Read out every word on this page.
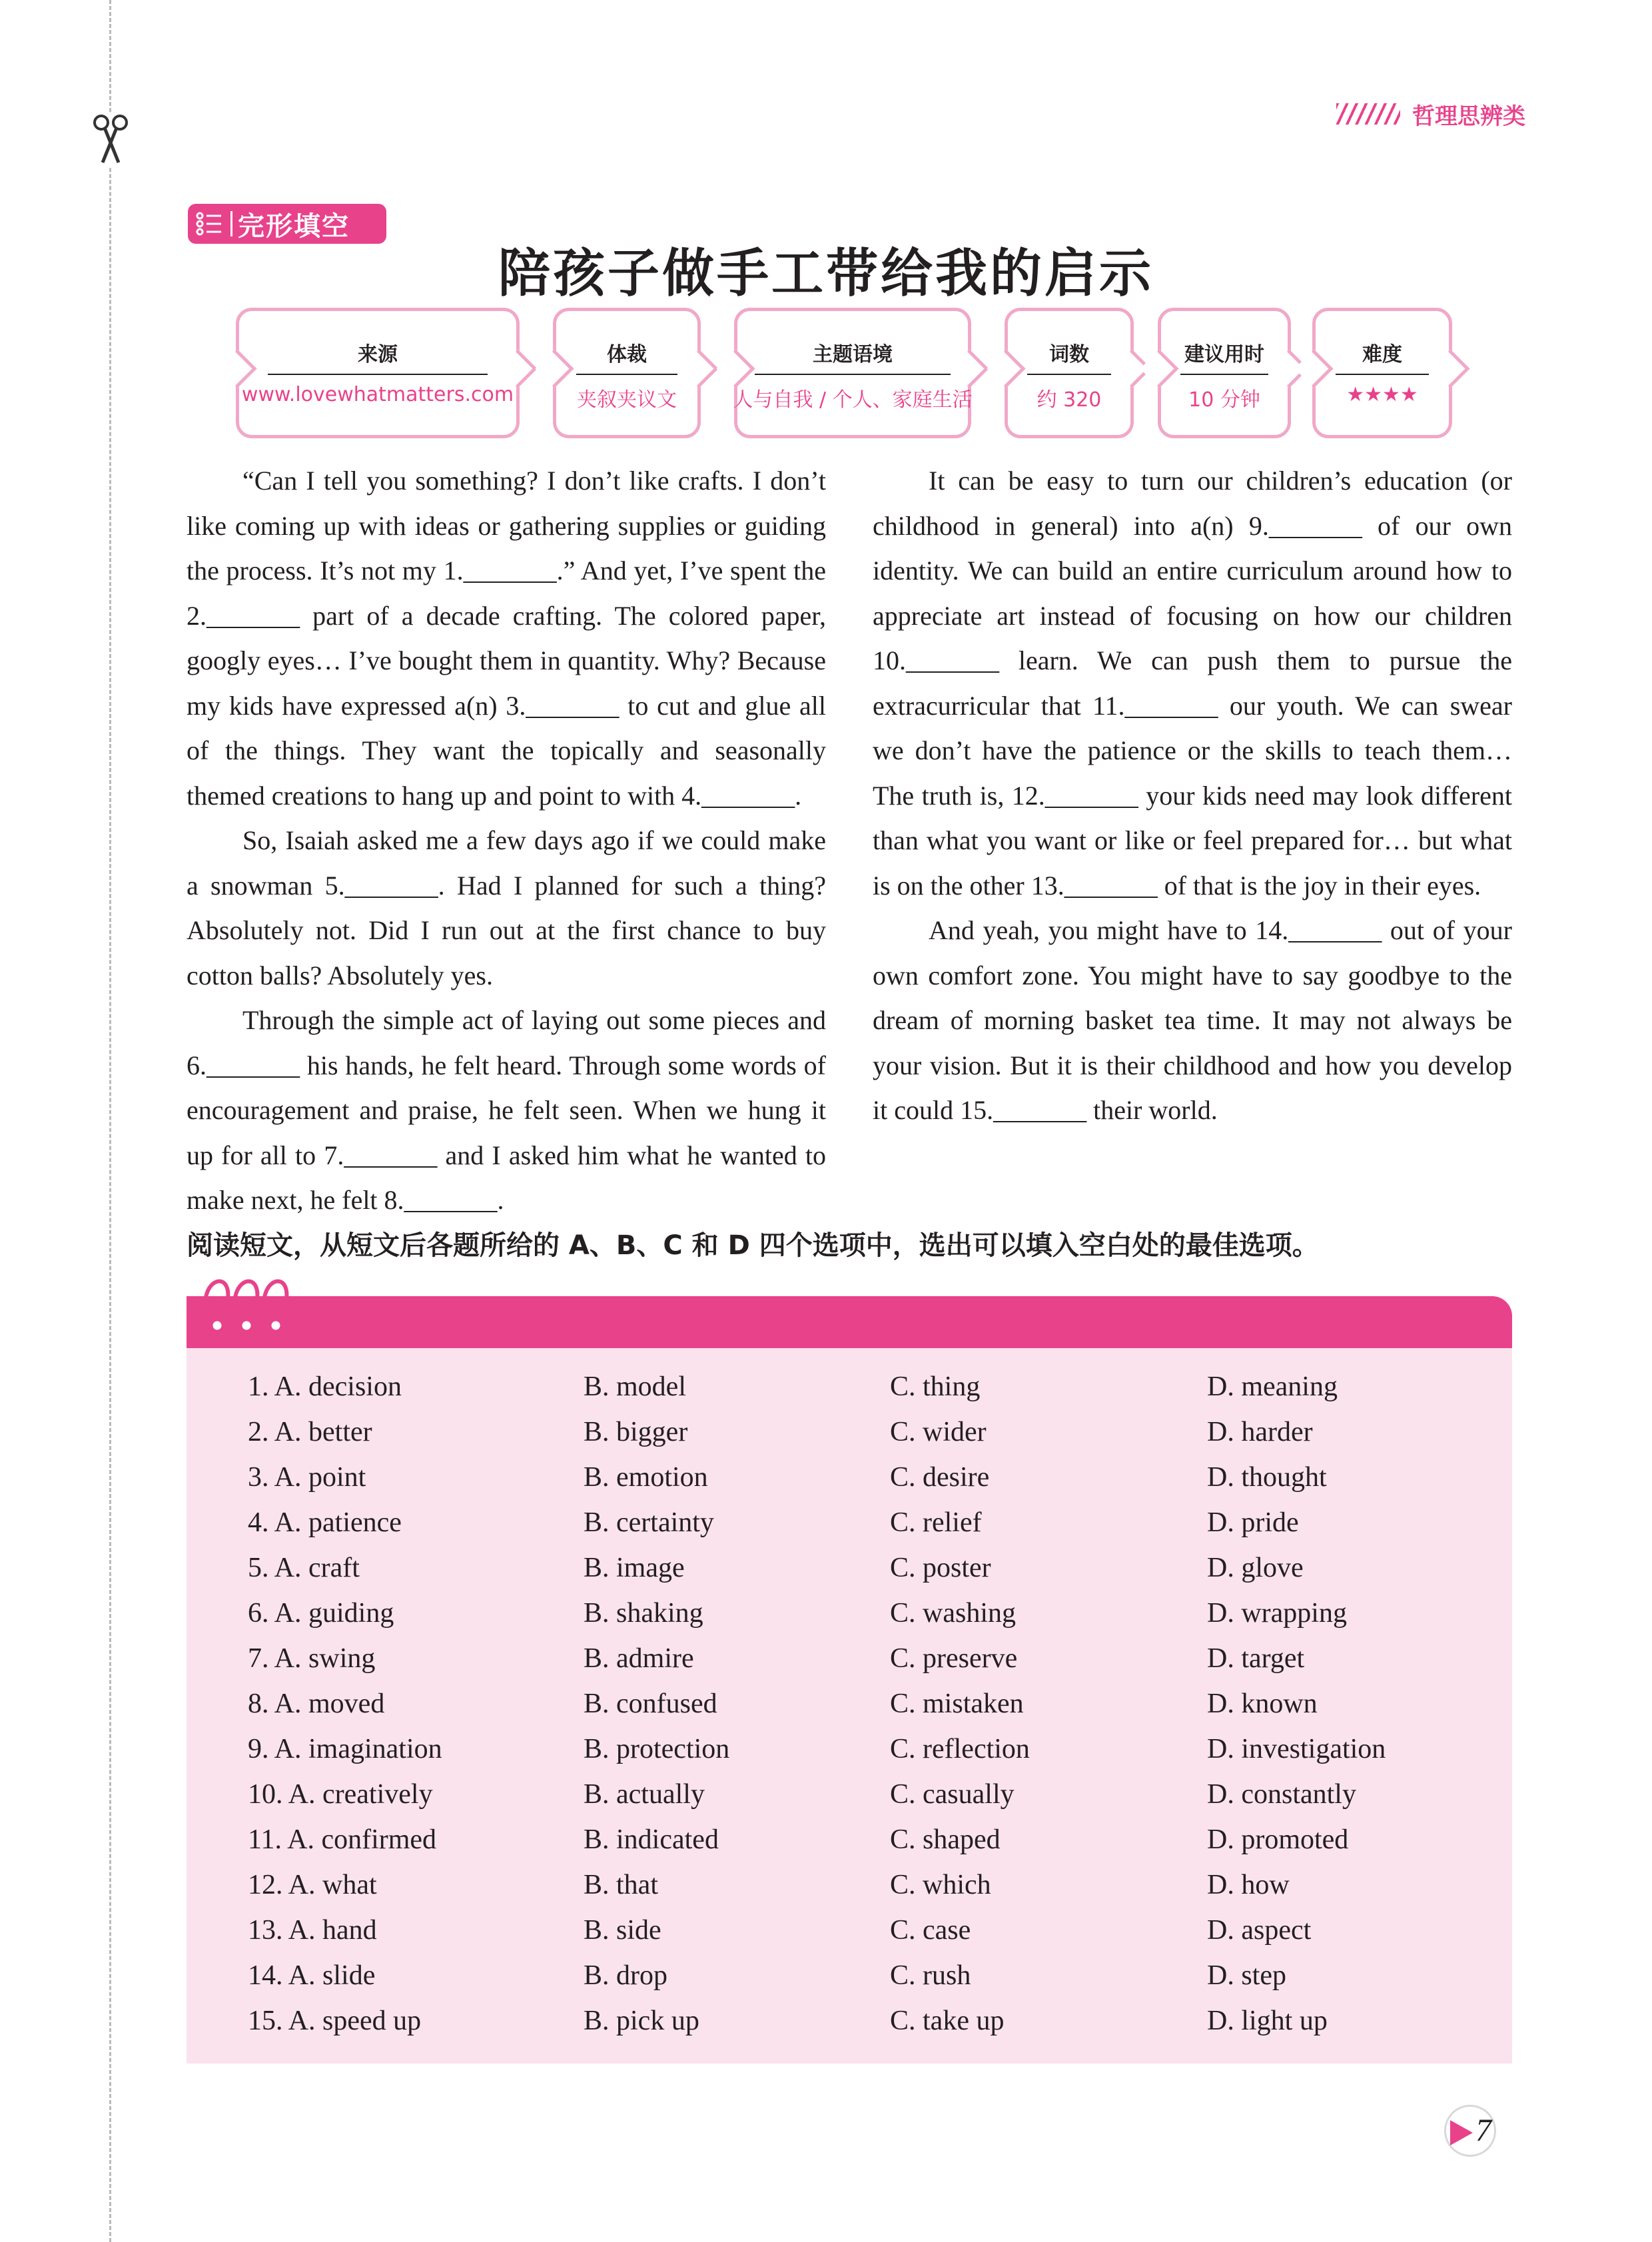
哲理思辨类
完形填空
陪孩子做手工带给我的启示
来源
www.lovewhatmatters.com
体裁
夹叙夹议文
主题语境
人与自我 / 个人、家庭生活
词数
约 320
建议用时
10 分钟
难度
★★★★

“Can I tell you something? I don’t like crafts. I don’t like coming up with ideas or gathering supplies or guiding the process. It’s not my 1._______.” And yet, I’ve spent the 2._______ part of a decade crafting. The colored paper, googly eyes… I’ve bought them in quantity. Why? Because my kids have expressed a(n) 3._______ to cut and glue all of the things. They want the topically and seasonally themed creations to hang up and point to with 4._______.

So, Isaiah asked me a few days ago if we could make a snowman 5._______. Had I planned for such a thing? Absolutely not. Did I run out at the first chance to buy cotton balls? Absolutely yes.

Through the simple act of laying out some pieces and 6._______ his hands, he felt heard. Through some words of encouragement and praise, he felt seen. When we hung it up for all to 7._______ and I asked him what he wanted to make next, he felt 8._______.

It can be easy to turn our children’s education (or childhood in general) into a(n) 9._______ of our own identity. We can build an entire curriculum around how to appreciate art instead of focusing on how our children 10._______ learn. We can push them to pursue the extracurricular that 11._______ our youth. We can swear we don’t have the patience or the skills to teach them… The truth is, 12._______ your kids need may look different than what you want or like or feel prepared for… but what is on the other 13._______ of that is the joy in their eyes.

And yeah, you might have to 14._______ out of your own comfort zone. You might have to say goodbye to the dream of morning basket tea time. It may not always be your vision. But it is their childhood and how you develop it could 15._______ their world.

阅读短文，从短文后各题所给的 A、B、C 和 D 四个选项中，选出可以填入空白处的最佳选项。
1. A. decision	B. model	C. thing	D. meaning
2. A. better	B. bigger	C. wider	D. harder
3. A. point	B. emotion	C. desire	D. thought
4. A. patience	B. certainty	C. relief	D. pride
5. A. craft	B. image	C. poster	D. glove
6. A. guiding	B. shaking	C. washing	D. wrapping
7. A. swing	B. admire	C. preserve	D. target
8. A. moved	B. confused	C. mistaken	D. known
9. A. imagination	B. protection	C. reflection	D. investigation
10. A. creatively	B. actually	C. casually	D. constantly
11. A. confirmed	B. indicated	C. shaped	D. promoted
12. A. what	B. that	C. which	D. how
13. A. hand	B. side	C. case	D. aspect
14. A. slide	B. drop	C. rush	D. step
15. A. speed up	B. pick up	C. take up	D. light up
7
